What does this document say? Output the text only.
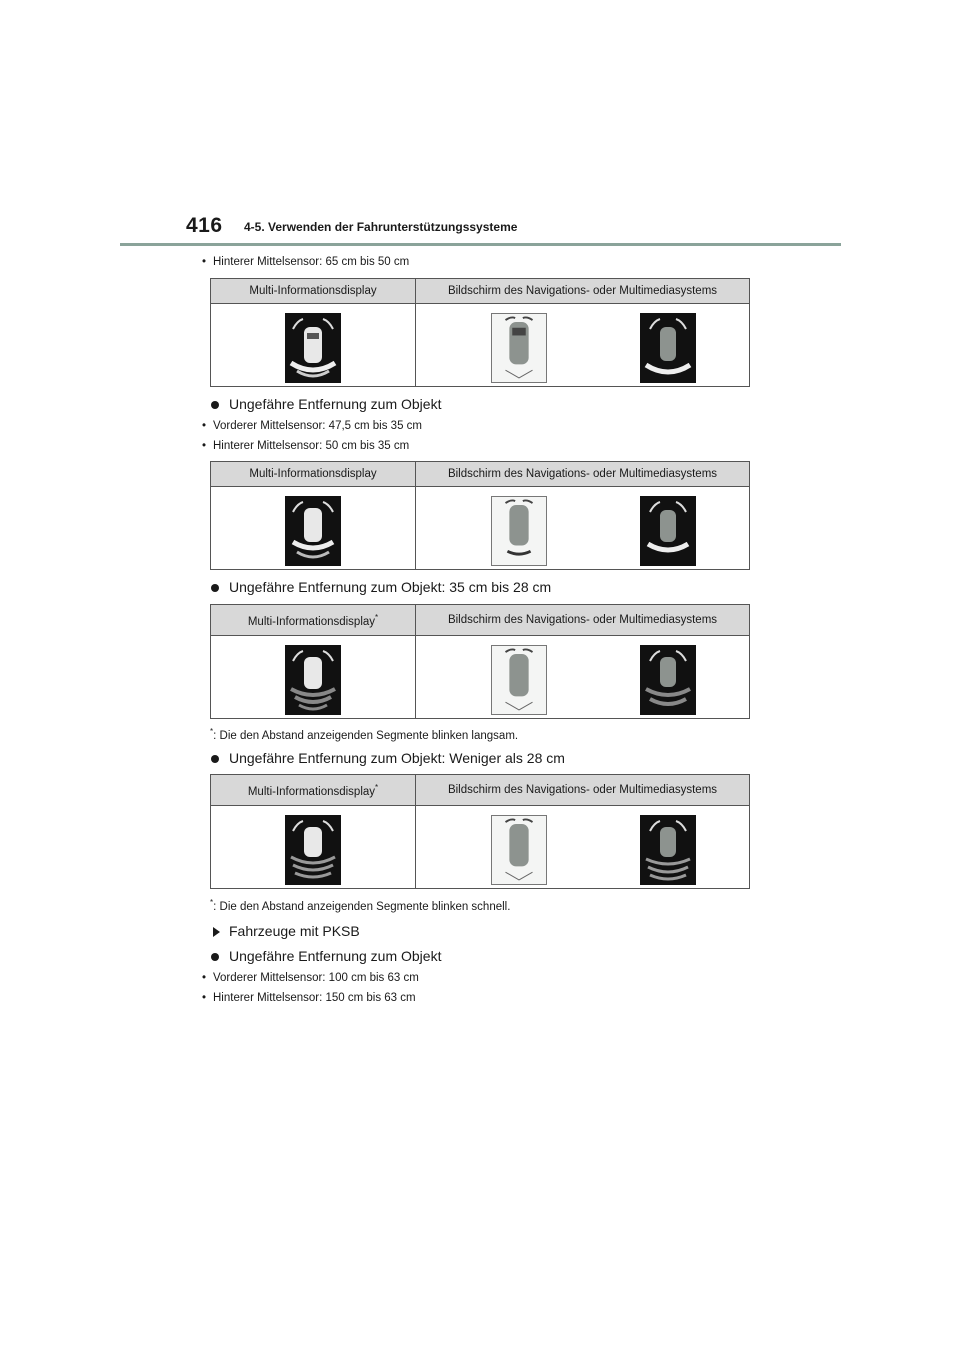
416 4-5. Verwenden der Fahrunterstützungssysteme
• Hinterer Mittelsensor: 65 cm bis 50 cm
Multi-Informationsdisplay	Bildschirm des Navigations- oder Multimediasystems

Ungefähre Entfernung zum Objekt
• Vorderer Mittelsensor: 47,5 cm bis 35 cm
• Hinterer Mittelsensor: 50 cm bis 35 cm
Multi-Informationsdisplay	Bildschirm des Navigations- oder Multimediasystems

Ungefähre Entfernung zum Objekt: 35 cm bis 28 cm
Multi-Informationsdisplay*	Bildschirm des Navigations- oder Multimediasystems

*: Die den Abstand anzeigenden Segmente blinken langsam.
Ungefähre Entfernung zum Objekt: Weniger als 28 cm
Multi-Informationsdisplay*	Bildschirm des Navigations- oder Multimediasystems

*: Die den Abstand anzeigenden Segmente blinken schnell.
Fahrzeuge mit PKSB
Ungefähre Entfernung zum Objekt
• Vorderer Mittelsensor: 100 cm bis 63 cm
• Hinterer Mittelsensor: 150 cm bis 63 cm
